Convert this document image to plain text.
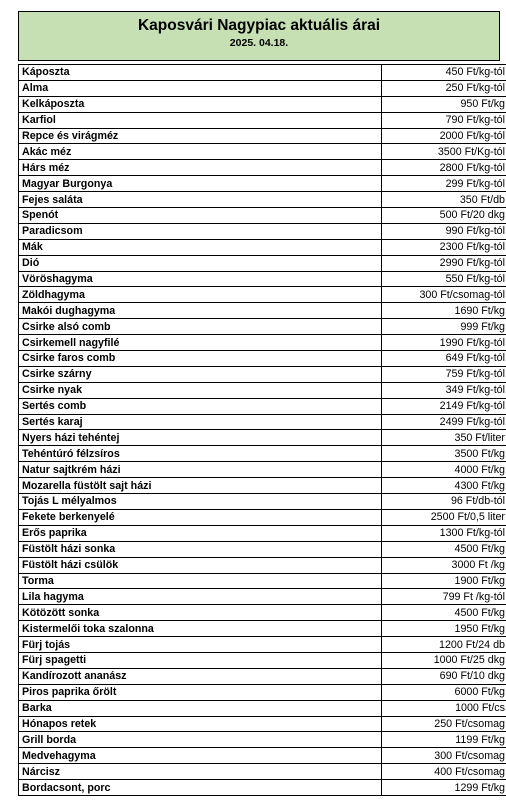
Kaposvári Nagypiac aktuális árai
2025. 04.18.
Káposzta	450 Ft/kg-tól
Alma	250 Ft/kg-tól
Kelkáposzta	950 Ft/kg
Karfiol	790 Ft/kg-tól
Repce és virágméz	2000 Ft/kg-tól
Akác méz	3500 Ft/Kg-tól
Hárs méz	2800 Ft/kg-tól
Magyar Burgonya	299 Ft/kg-tól
Fejes saláta	350 Ft/db
Spenót	500 Ft/20 dkg
Paradicsom	990 Ft/kg-tól
Mák	2300 Ft/kg-tól
Dió	2990 Ft/kg-tól
Vöröshagyma	550 Ft/kg-tól
Zöldhagyma	300 Ft/csomag-tól
Makói dughagyma	1690 Ft/kg
Csirke alsó comb	999 Ft/kg
Csirkemell nagyfilé	1990 Ft/kg-tól
Csirke faros comb	649 Ft/kg-tól
Csirke szárny	759 Ft/kg-tól
Csirke nyak	349 Ft/kg-tól
Sertés comb	2149 Ft/kg-tól
Sertés karaj	2499 Ft/kg-tól
Nyers házi tehéntej	350 Ft/liter
Tehéntúró félzsíros	3500 Ft/kg
Natur sajtkrém házi	4000 Ft/kg
Mozarella füstölt sajt házi	4300 Ft/kg
Tojás L mélyalmos	96 Ft/db-tól
Fekete berkenyelé	2500 Ft/0,5 liter
Erős paprika	1300 Ft/kg-tól
Füstölt házi sonka	4500 Ft/kg
Füstölt házi csülök	3000 Ft /kg
Torma	1900 Ft/kg
Lila hagyma	799 Ft /kg-tól
Kötözött sonka	4500 Ft/kg
Kistermelői toka szalonna	1950 Ft/kg
Fürj tojás	1200 Ft/24 db
Fürj spagetti	1000 Ft/25 dkg
Kandírozott ananász	690 Ft/10 dkg
Piros paprika őrölt	6000 Ft/kg
Barka	1000 Ft/cs
Hónapos retek	250 Ft/csomag
Grill borda	1199 Ft/kg
Medvehagyma	300 Ft/csomag
Nárcisz	400 Ft/csomag
Bordacsont, porc	1299 Ft/kg
